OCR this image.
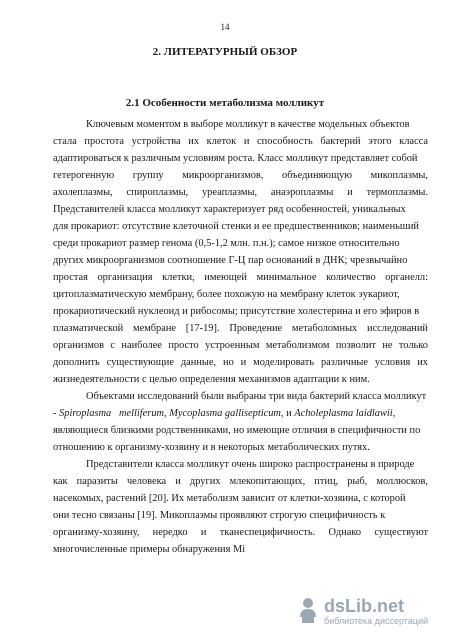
14
2. ЛИТЕРАТУРНЫЙ ОБЗОР
2.1 Особенности метаболизма молликут
Ключевым моментом в выборе молликут в качестве модельных объектов
стала простота устройства их клеток и способность бактерий этого класса
адаптироваться к различным условиям роста. Класс молликут представляет собой
гетерогенную группу микроорганизмов, объединяющую микоплазмы,
ахолеплазмы, спироплазмы, уреаплазмы, анаэроплазмы и термоплазмы.
Представителей класса молликут характеризует ряд особенностей, уникальных
для прокариот: отсутствие клеточной стенки и ее предшественников; наименьший
среди прокариот размер генома (0,5-1,2 млн. п.н.); самое низкое относительно
других микроорганизмов соотношение Г-Ц пар оснований в ДНК; чрезвычайно
простая организация клетки, имеющей минимальное количество органелл:
цитоплазматическую мембрану, более похожую на мембрану клеток эукариот,
прокариотический нуклеоид и рибосомы; присутствие холестерина и его эфиров в
плазматической мембране [17-19]. Проведение метаболомных исследований
организмов с наиболее просто устроенным метаболизмом позволит не только
дополнить существующие данные, но и моделировать различные условия их
жизнедеятельности с целью определения механизмов адаптации к ним.
Объектами исследований были выбраны три вида бактерий класса молликут
- Spiroplasma   melliferum, Mycoplasma gallisepticum, и Acholeplasma laidlawii,
являющиеся близкими родственниками, но имеющие отличия в специфичности по
отношению к организму-хозяину и в некоторых метаболических путях.
Представители класса молликут очень широко распространены в природе
как паразиты человека и других млекопитающих, птиц, рыб, моллюсков,
насекомых, растений [20]. Их метаболизм зависит от клетки-хозяина, с которой
они тесно связаны [19]. Микоплазмы проявляют строгую специфичность к
организму-хозяину, нередко и тканеспецифичность. Однако существуют
многочисленные примеры обнаружения Mi
dsLib.net
библиотека диссертаций
